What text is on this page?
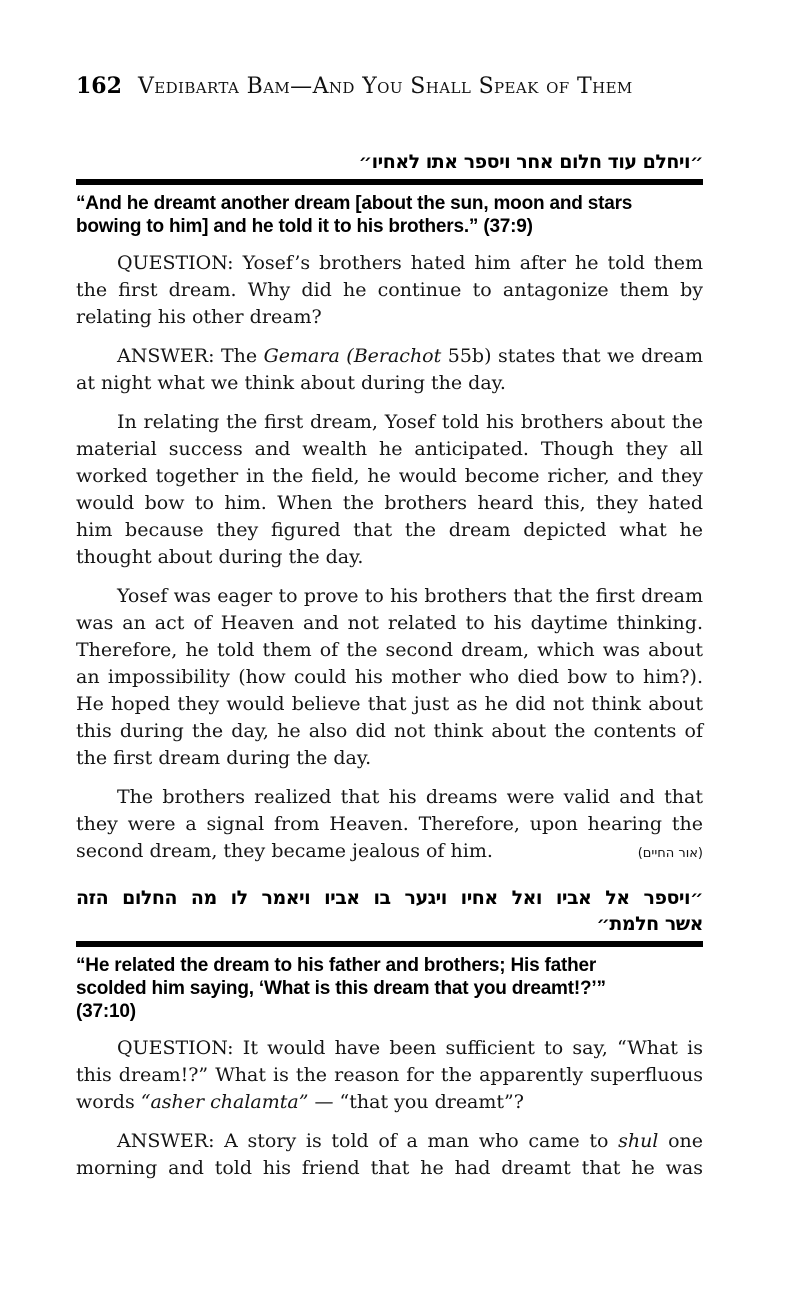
162 Vedibarta Bam—And You Shall Speak of Them
״ויחלם עוד חלום אחר ויספר אתו לאחיו״
“And he dreamt another dream [about the sun, moon and stars
bowing to him] and he told it to his brothers.” (37:9)
QUESTION: Yosef’s brothers hated him after he told them
the first dream. Why did he continue to antagonize them by
relating his other dream?
ANSWER: The Gemara (Berachot 55b) states that we dream
at night what we think about during the day.
In relating the first dream, Yosef told his brothers about the
material success and wealth he anticipated. Though they all
worked together in the field, he would become richer, and they
would bow to him. When the brothers heard this, they hated
him because they figured that the dream depicted what he
thought about during the day.
Yosef was eager to prove to his brothers that the first dream
was an act of Heaven and not related to his daytime thinking.
Therefore, he told them of the second dream, which was about
an impossibility (how could his mother who died bow to him?).
He hoped they would believe that just as he did not think about
this during the day, he also did not think about the contents of
the first dream during the day.
The brothers realized that his dreams were valid and that
they were a signal from Heaven. Therefore, upon hearing the
second dream, they became jealous of him.	(אור החיים)
״ויספר אל אביו ואל אחיו ויגער בו אביו ויאמר לו מה החלום הזה
אשר חלמת״
“He related the dream to his father and brothers; His father
scolded him saying, ‘What is this dream that you dreamt!?’”
(37:10)
QUESTION: It would have been sufficient to say, “What is
this dream!?” What is the reason for the apparently superfluous
words “asher chalamta” — “that you dreamt”?
ANSWER: A story is told of a man who came to shul one
morning and told his friend that he had dreamt that he was
